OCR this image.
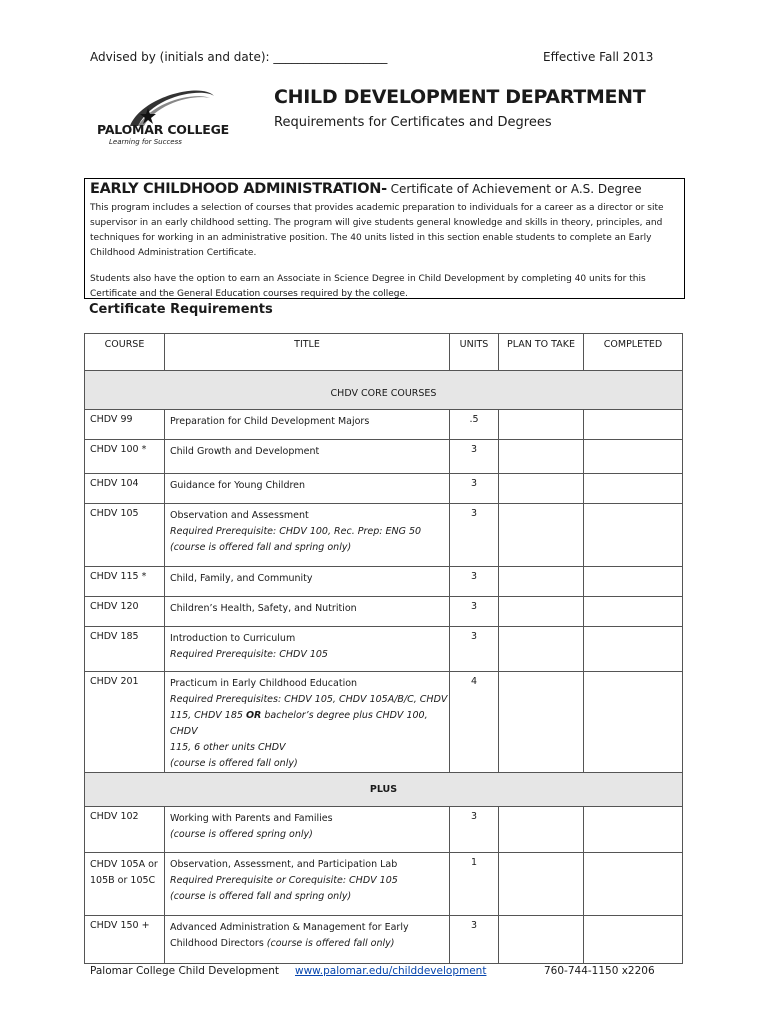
Advised by (initials and date): ___________________	Effective Fall 2013
PALOMAR COLLEGE
Learning for Success
CHILD DEVELOPMENT DEPARTMENT
Requirements for Certificates and Degrees
EARLY CHILDHOOD ADMINISTRATION- Certificate of Achievement or A.S. Degree

This program includes a selection of courses that provides academic preparation to individuals for a career as a director or site

supervisor in an early childhood setting. The program will give students general knowledge and skills in theory, principles, and

techniques for working in an administrative position. The 40 units listed in this section enable students to complete an Early

Childhood Administration Certificate.

Students also have the option to earn an Associate in Science Degree in Child Development by completing 40 units for this

Certificate and the General Education courses required by the college.

Certificate Requirements
COURSE	TITLE	UNITS	PLAN TO TAKE	COMPLETED
CHDV CORE COURSES				
CHDV 99	Preparation for Child Development Majors	.5		
CHDV 100 *	Child Growth and Development	3		
CHDV 104	Guidance for Young Children	3		
CHDV 105	Observation and Assessment
Required Prerequisite: CHDV 100, Rec. Prep: ENG 50
(course is offered fall and spring only)	3		
CHDV 115 *	Child, Family, and Community	3		
CHDV 120	Children’s Health, Safety, and Nutrition	3		
CHDV 185	Introduction to Curriculum
Required Prerequisite: CHDV 105	3		
CHDV 201	Practicum in Early Childhood Education
Required Prerequisites: CHDV 105, CHDV 105A/B/C, CHDV
115, CHDV 185 OR bachelor’s degree plus CHDV 100, CHDV
115, 6 other units CHDV
(course is offered fall only)	4		
PLUS				
CHDV 102	Working with Parents and Families
(course is offered spring only)	3		

CHDV 105A or
105B or 105C	Observation, Assessment, and Participation Lab
Required Prerequisite or Corequisite: CHDV 105
(course is offered fall and spring only)	1		
CHDV 150 +	Advanced Administration & Management for Early
Childhood Directors (course is offered fall only)	3		
Palomar College Child Development www.palomar.edu/childdevelopment	760-744-1150 x2206
